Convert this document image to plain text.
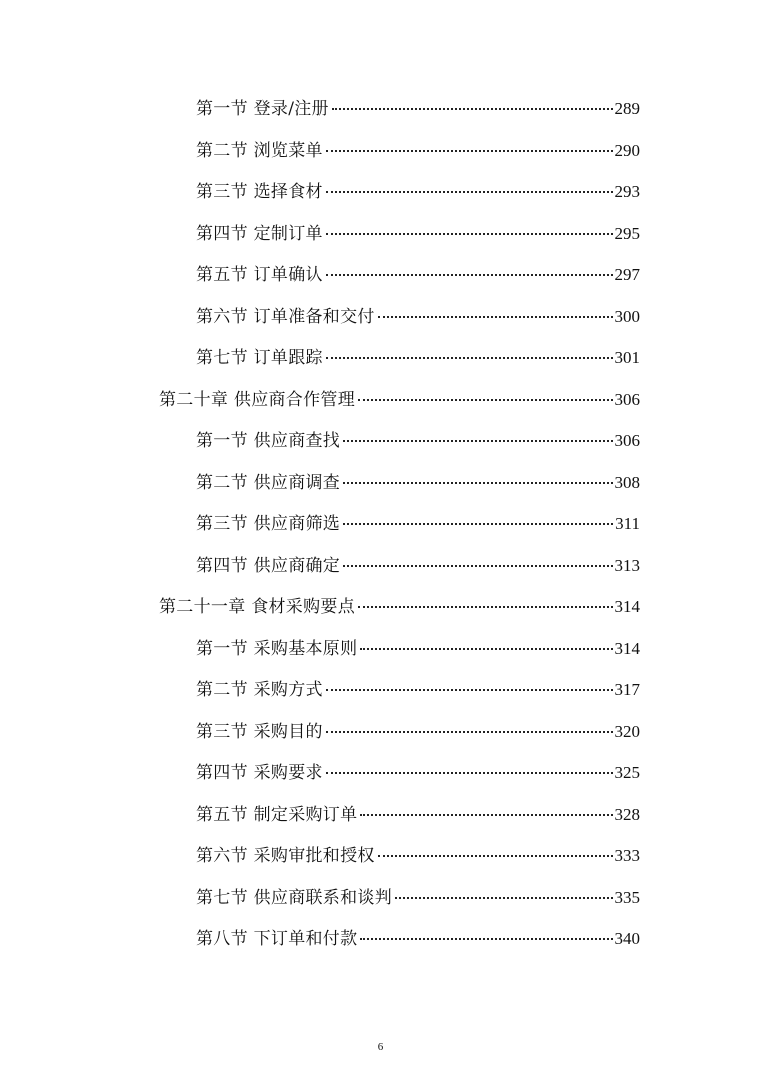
第一节 登录/注册	289
第二节 浏览菜单	290
第三节 选择食材	293
第四节 定制订单	295
第五节 订单确认	297
第六节 订单准备和交付	300
第七节 订单跟踪	301
第二十章 供应商合作管理	306
第一节 供应商查找	306
第二节 供应商调查	308
第三节 供应商筛选	311
第四节 供应商确定	313
第二十一章 食材采购要点	314
第一节 采购基本原则	314
第二节 采购方式	317
第三节 采购目的	320
第四节 采购要求	325
第五节 制定采购订单	328
第六节 采购审批和授权	333
第七节 供应商联系和谈判	335
第八节 下订单和付款	340
6
